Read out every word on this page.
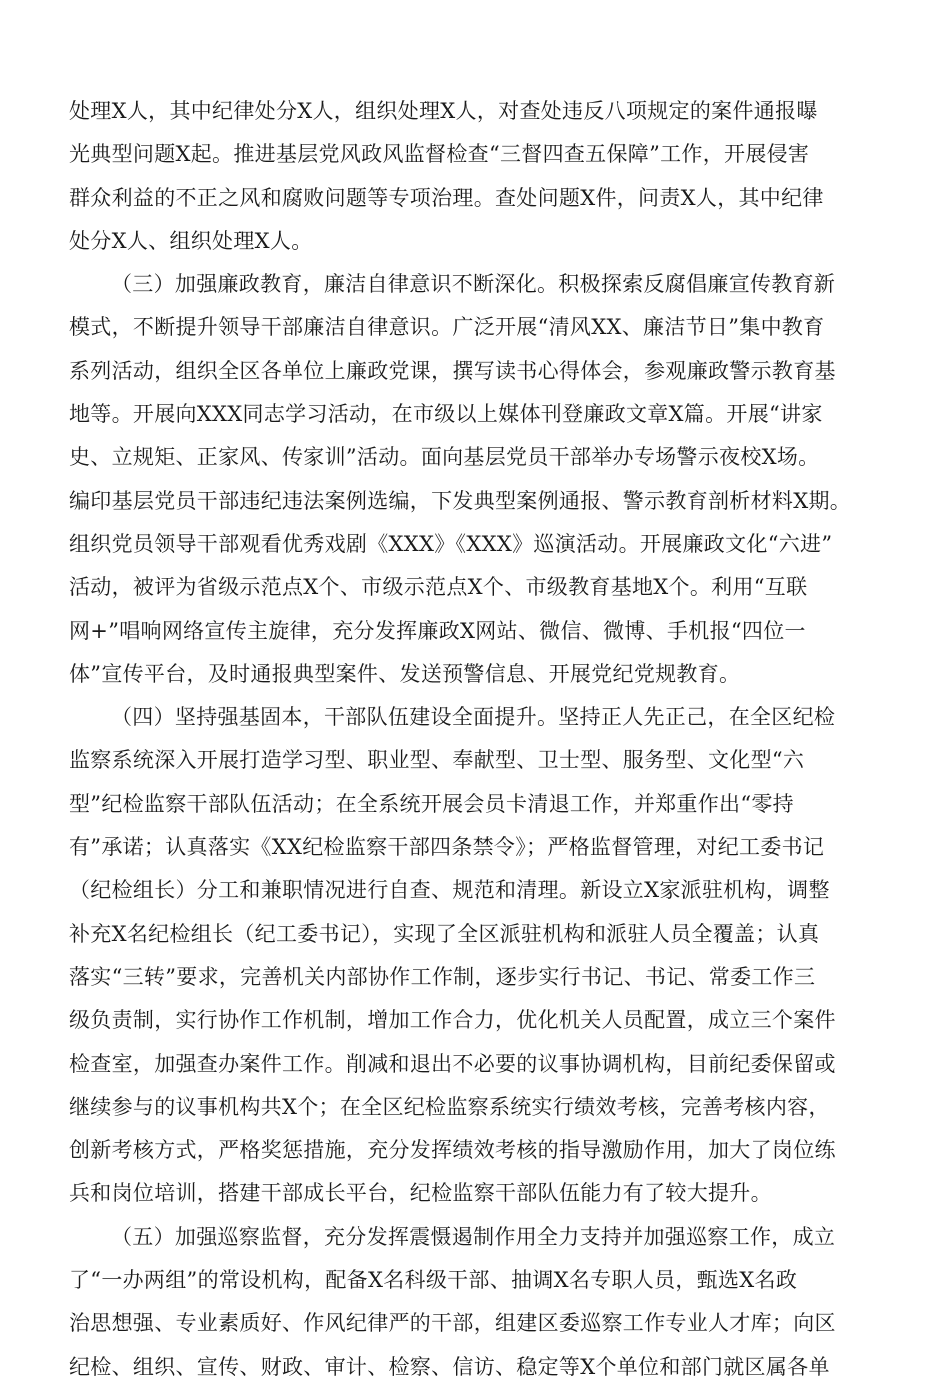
处理X人，其中纪律处分X人，组织处理X人，对查处违反八项规定的案件通报曝
光典型问题X起。推进基层党风政风监督检查“三督四查五保障”工作，开展侵害
群众利益的不正之风和腐败问题等专项治理。查处问题X件，问责X人，其中纪律
处分X人、组织处理X人。

（三）加强廉政教育，廉洁自律意识不断深化。积极探索反腐倡廉宣传教育新
模式，不断提升领导干部廉洁自律意识。广泛开展“清风XX、廉洁节日”集中教育
系列活动，组织全区各单位上廉政党课，撰写读书心得体会，参观廉政警示教育基
地等。开展向XXX同志学习活动，在市级以上媒体刊登廉政文章X篇。开展“讲家
史、立规矩、正家风、传家训”活动。面向基层党员干部举办专场警示夜校X场。
编印基层党员干部违纪违法案例选编，下发典型案例通报、警示教育剖析材料X期。
组织党员领导干部观看优秀戏剧《XXX》《XXX》巡演活动。开展廉政文化“六进”
活动，被评为省级示范点X个、市级示范点X个、市级教育基地X个。利用“互联
网+”唱响网络宣传主旋律，充分发挥廉政X网站、微信、微博、手机报“四位一
体”宣传平台，及时通报典型案件、发送预警信息、开展党纪党规教育。

（四）坚持强基固本，干部队伍建设全面提升。坚持正人先正己，在全区纪检
监察系统深入开展打造学习型、职业型、奉献型、卫士型、服务型、文化型“六
型”纪检监察干部队伍活动；在全系统开展会员卡清退工作，并郑重作出“零持
有”承诺；认真落实《XX纪检监察干部四条禁令》；严格监督管理，对纪工委书记
（纪检组长）分工和兼职情况进行自查、规范和清理。新设立X家派驻机构，调整
补充X名纪检组长（纪工委书记），实现了全区派驻机构和派驻人员全覆盖；认真
落实“三转”要求，完善机关内部协作工作制，逐步实行书记、书记、常委工作三
级负责制，实行协作工作机制，增加工作合力，优化机关人员配置，成立三个案件
检查室，加强查办案件工作。削减和退出不必要的议事协调机构，目前纪委保留或
继续参与的议事机构共X个；在全区纪检监察系统实行绩效考核，完善考核内容，
创新考核方式，严格奖惩措施，充分发挥绩效考核的指导激励作用，加大了岗位练
兵和岗位培训，搭建干部成长平台，纪检监察干部队伍能力有了较大提升。

（五）加强巡察监督，充分发挥震慑遏制作用全力支持并加强巡察工作，成立
了“一办两组”的常设机构，配备X名科级干部、抽调X名专职人员，甄选X名政
治思想强、专业素质好、作风纪律严的干部，组建区委巡察工作专业人才库；向区
纪检、组织、宣传、财政、审计、检察、信访、稳定等X个单位和部门就区属各单
